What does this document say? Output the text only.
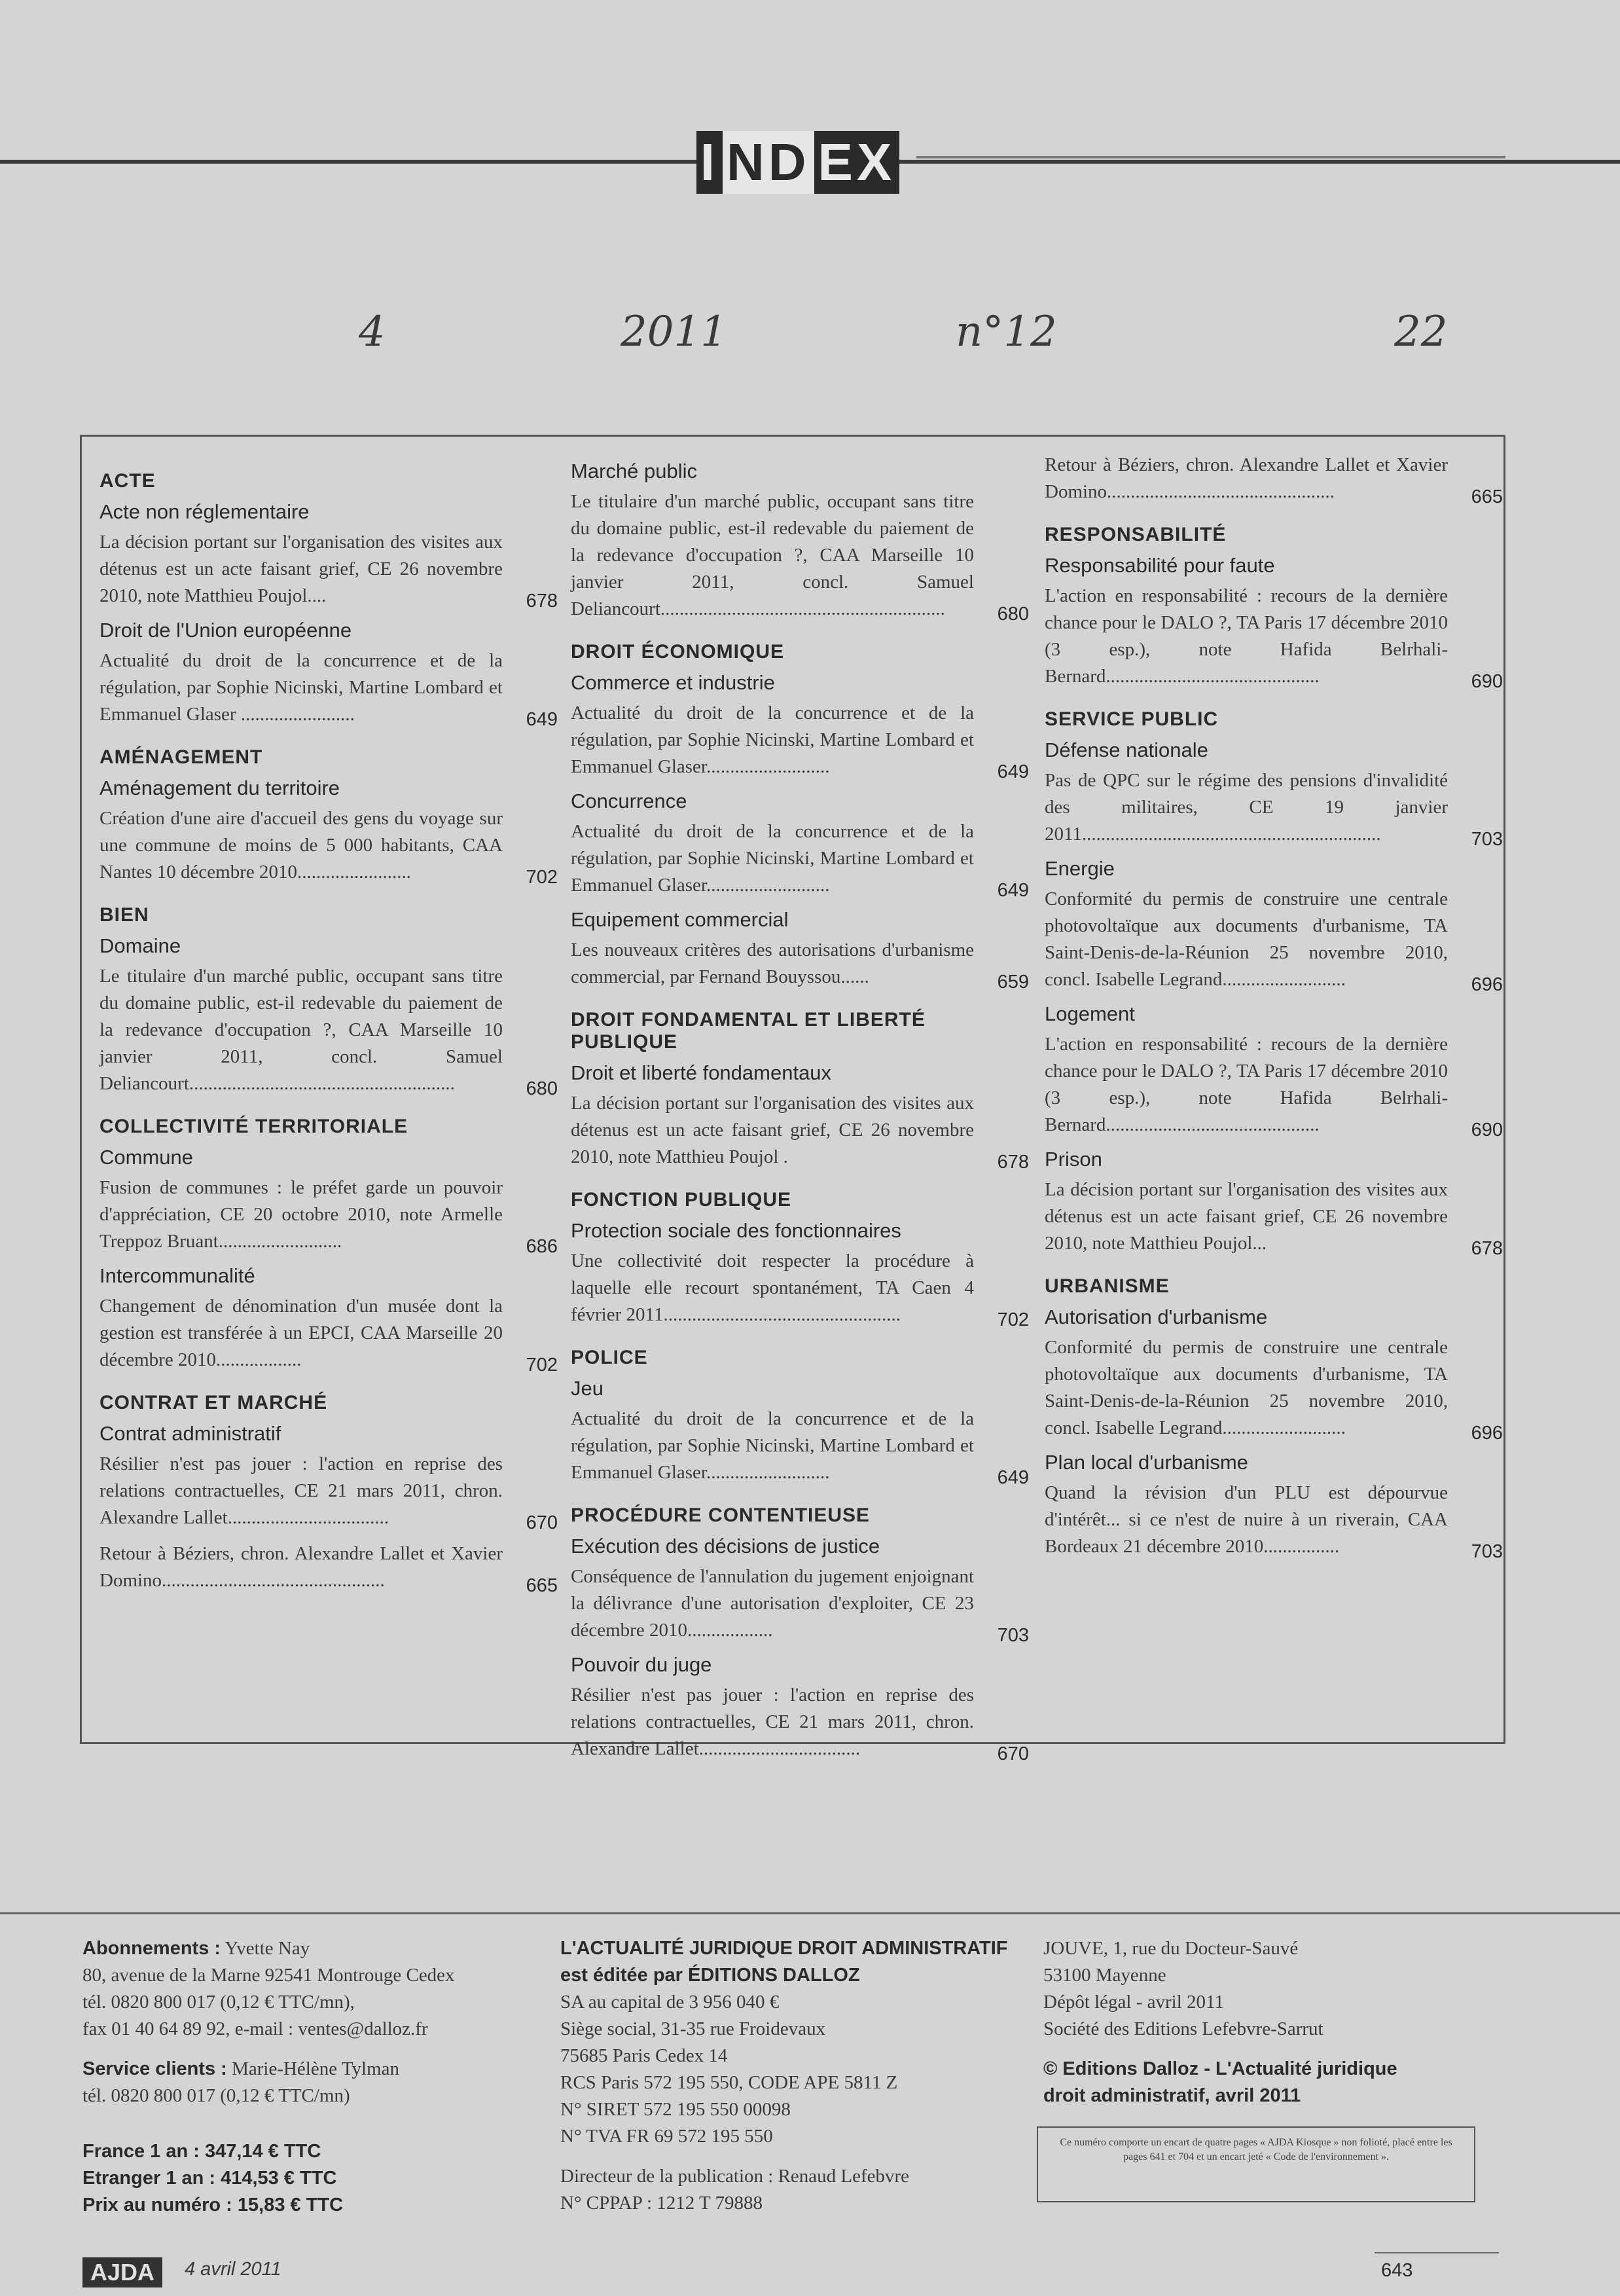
I ND EX
4	2011	n°12	22
ACTE
Acte non réglementaire
La décision portant sur l'organisation des visites aux détenus est un acte faisant grief, CE 26 novembre 2010, note Matthieu Poujol....	678
Droit de l'Union européenne
Actualité du droit de la concurrence et de la régulation, par Sophie Nicinski, Martine Lombard et Emmanuel Glaser ........................	649
AMÉNAGEMENT
Aménagement du territoire
Création d'une aire d'accueil des gens du voyage sur une commune de moins de 5 000 habitants, CAA Nantes 10 décembre 2010........................	702
BIEN
Domaine
Le titulaire d'un marché public, occupant sans titre du domaine public, est-il redevable du paiement de la redevance d'occupation ?, CAA Marseille 10 janvier 2011, concl. Samuel Deliancourt........................................................	680
COLLECTIVITÉ TERRITORIALE
Commune
Fusion de communes : le préfet garde un pouvoir d'appréciation, CE 20 octobre 2010, note Armelle Treppoz Bruant..........................	686
Intercommunalité
Changement de dénomination d'un musée dont la gestion est transférée à un EPCI, CAA Marseille 20 décembre 2010..................	702
CONTRAT ET MARCHÉ
Contrat administratif
Résilier n'est pas jouer : l'action en reprise des relations contractuelles, CE 21 mars 2011, chron. Alexandre Lallet..................................	670
Retour à Béziers, chron. Alexandre Lallet et Xavier Domino...............................................	665
Marché public
Le titulaire d'un marché public, occupant sans titre du domaine public, est-il redevable du paiement de la redevance d'occupation ?, CAA Marseille 10 janvier 2011, concl. Samuel Deliancourt............................................................	680
DROIT ÉCONOMIQUE
Commerce et industrie
Actualité du droit de la concurrence et de la régulation, par Sophie Nicinski, Martine Lombard et Emmanuel Glaser..........................	649
Concurrence
Actualité du droit de la concurrence et de la régulation, par Sophie Nicinski, Martine Lombard et Emmanuel Glaser..........................	649
Equipement commercial
Les nouveaux critères des autorisations d'urbanisme commercial, par Fernand Bouyssou......	659
DROIT FONDAMENTAL ET LIBERTÉ PUBLIQUE
Droit et liberté fondamentaux
La décision portant sur l'organisation des visites aux détenus est un acte faisant grief, CE 26 novembre 2010, note Matthieu Poujol .	678
FONCTION PUBLIQUE
Protection sociale des fonctionnaires
Une collectivité doit respecter la procédure à laquelle elle recourt spontanément, TA Caen 4 février 2011..................................................	702
POLICE
Jeu
Actualité du droit de la concurrence et de la régulation, par Sophie Nicinski, Martine Lombard et Emmanuel Glaser..........................	649
PROCÉDURE CONTENTIEUSE
Exécution des décisions de justice
Conséquence de l'annulation du jugement enjoignant la délivrance d'une autorisation d'exploiter, CE 23 décembre 2010..................	703
Pouvoir du juge
Résilier n'est pas jouer : l'action en reprise des relations contractuelles, CE 21 mars 2011, chron. Alexandre Lallet..................................	670
Retour à Béziers, chron. Alexandre Lallet et Xavier Domino................................................	665
RESPONSABILITÉ
Responsabilité pour faute
L'action en responsabilité : recours de la dernière chance pour le DALO ?, TA Paris 17 décembre 2010 (3 esp.), note Hafida Belrhali-Bernard.............................................	690
SERVICE PUBLIC
Défense nationale
Pas de QPC sur le régime des pensions d'invalidité des militaires, CE 19 janvier 2011...............................................................	703
Energie
Conformité du permis de construire une centrale photovoltaïque aux documents d'urbanisme, TA Saint-Denis-de-la-Réunion 25 novembre 2010, concl. Isabelle Legrand..........................	696
Logement
L'action en responsabilité : recours de la dernière chance pour le DALO ?, TA Paris 17 décembre 2010 (3 esp.), note Hafida Belrhali-Bernard.............................................	690
Prison
La décision portant sur l'organisation des visites aux détenus est un acte faisant grief, CE 26 novembre 2010, note Matthieu Poujol...	678
URBANISME
Autorisation d'urbanisme
Conformité du permis de construire une centrale photovoltaïque aux documents d'urbanisme, TA Saint-Denis-de-la-Réunion 25 novembre 2010, concl. Isabelle Legrand..........................	696
Plan local d'urbanisme
Quand la révision d'un PLU est dépourvue d'intérêt... si ce n'est de nuire à un riverain, CAA Bordeaux 21 décembre 2010................	703
Abonnements : Yvette Nay
80, avenue de la Marne 92541 Montrouge Cedex
tél. 0820 800 017 (0,12 € TTC/mn),
fax 01 40 64 89 92, e-mail : ventes@dalloz.fr
Service clients : Marie-Hélène Tylman
tél. 0820 800 017 (0,12 € TTC/mn)
France 1 an : 347,14 € TTC
Etranger 1 an : 414,53 € TTC
Prix au numéro : 15,83 € TTC
L'ACTUALITÉ JURIDIQUE DROIT ADMINISTRATIF
est éditée par ÉDITIONS DALLOZ
SA au capital de 3 956 040 €
Siège social, 31-35 rue Froidevaux
75685 Paris Cedex 14
RCS Paris 572 195 550, CODE APE 5811 Z
N° SIRET 572 195 550 00098
N° TVA FR 69 572 195 550
Directeur de la publication : Renaud Lefebvre
N° CPPAP : 1212 T 79888
JOUVE, 1, rue du Docteur-Sauvé
53100 Mayenne
Dépôt légal - avril 2011
Société des Editions Lefebvre-Sarrut
© Editions Dalloz - L'Actualité juridique
droit administratif, avril 2011
Ce numéro comporte un encart de quatre pages « AJDA Kiosque » non folioté, placé entre les pages 641 et 704 et un encart jeté « Code de l'environnement ».
AJDA	4 avril 2011	643
